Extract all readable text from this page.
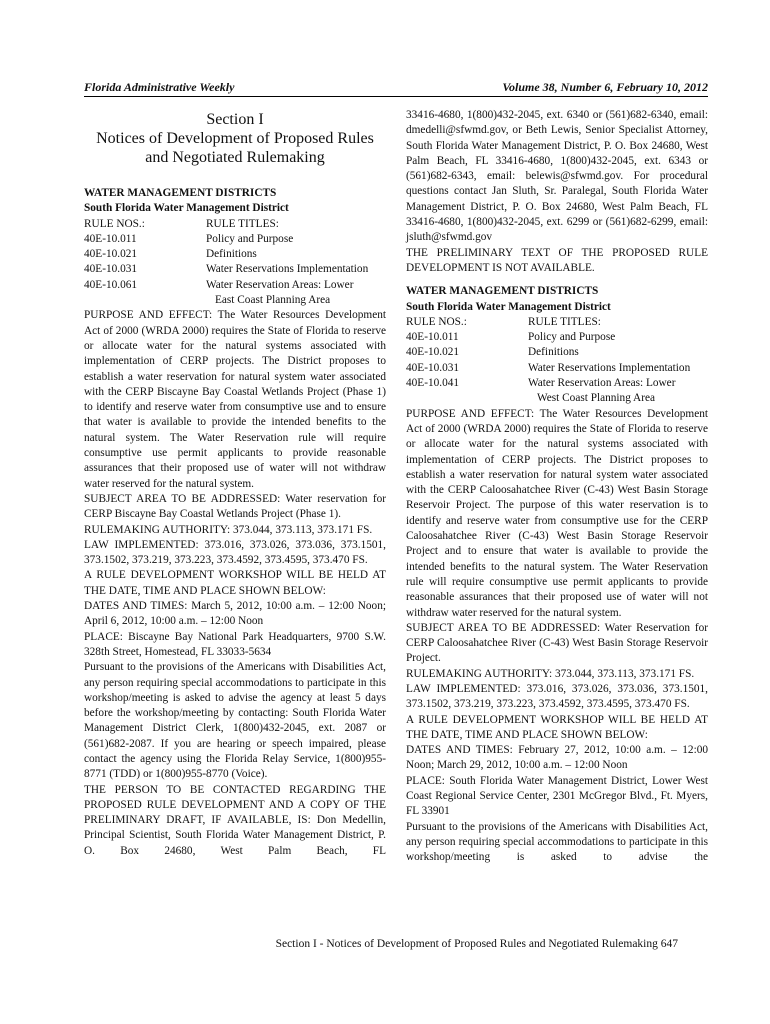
Florida Administrative Weekly	Volume 38, Number 6, February 10, 2012
Section I
Notices of Development of Proposed Rules
and Negotiated Rulemaking
WATER MANAGEMENT DISTRICTS
South Florida Water Management District
RULE NOS.:	RULE TITLES:
40E-10.011	Policy and Purpose
40E-10.021	Definitions
40E-10.031	Water Reservations Implementation
40E-10.061	Water Reservation Areas: Lower
East Coast Planning Area
PURPOSE AND EFFECT: The Water Resources Development Act of 2000 (WRDA 2000) requires the State of Florida to reserve or allocate water for the natural systems associated with implementation of CERP projects. The District proposes to establish a water reservation for natural system water associated with the CERP Biscayne Bay Coastal Wetlands Project (Phase 1) to identify and reserve water from consumptive use and to ensure that water is available to provide the intended benefits to the natural system. The Water Reservation rule will require consumptive use permit applicants to provide reasonable assurances that their proposed use of water will not withdraw water reserved for the natural system.
SUBJECT AREA TO BE ADDRESSED: Water reservation for CERP Biscayne Bay Coastal Wetlands Project (Phase 1).
RULEMAKING AUTHORITY: 373.044, 373.113, 373.171 FS.
LAW IMPLEMENTED: 373.016, 373.026, 373.036, 373.1501, 373.1502, 373.219, 373.223, 373.4592, 373.4595, 373.470 FS.
A RULE DEVELOPMENT WORKSHOP WILL BE HELD AT THE DATE, TIME AND PLACE SHOWN BELOW:
DATES AND TIMES: March 5, 2012, 10:00 a.m. – 12:00 Noon; April 6, 2012, 10:00 a.m. – 12:00 Noon
PLACE: Biscayne Bay National Park Headquarters, 9700 S.W. 328th Street, Homestead, FL 33033-5634
Pursuant to the provisions of the Americans with Disabilities Act, any person requiring special accommodations to participate in this workshop/meeting is asked to advise the agency at least 5 days before the workshop/meeting by contacting: South Florida Water Management District Clerk, 1(800)432-2045, ext. 2087 or (561)682-2087. If you are hearing or speech impaired, please contact the agency using the Florida Relay Service, 1(800)955-8771 (TDD) or 1(800)955-8770 (Voice).
THE PERSON TO BE CONTACTED REGARDING THE PROPOSED RULE DEVELOPMENT AND A COPY OF THE PRELIMINARY DRAFT, IF AVAILABLE, IS: Don Medellin, Principal Scientist, South Florida Water Management District, P. O. Box 24680, West Palm Beach, FL
33416-4680, 1(800)432-2045, ext. 6340 or (561)682-6340, email: dmedelli@sfwmd.gov, or Beth Lewis, Senior Specialist Attorney, South Florida Water Management District, P. O. Box 24680, West Palm Beach, FL 33416-4680, 1(800)432-2045, ext. 6343 or (561)682-6343, email: belewis@sfwmd.gov. For procedural questions contact Jan Sluth, Sr. Paralegal, South Florida Water Management District, P. O. Box 24680, West Palm Beach, FL 33416-4680, 1(800)432-2045, ext. 6299 or (561)682-6299, email: jsluth@sfwmd.gov
THE PRELIMINARY TEXT OF THE PROPOSED RULE DEVELOPMENT IS NOT AVAILABLE.
WATER MANAGEMENT DISTRICTS
South Florida Water Management District
RULE NOS.:	RULE TITLES:
40E-10.011	Policy and Purpose
40E-10.021	Definitions
40E-10.031	Water Reservations Implementation
40E-10.041	Water Reservation Areas: Lower
West Coast Planning Area
PURPOSE AND EFFECT: The Water Resources Development Act of 2000 (WRDA 2000) requires the State of Florida to reserve or allocate water for the natural systems associated with implementation of CERP projects. The District proposes to establish a water reservation for natural system water associated with the CERP Caloosahatchee River (C-43) West Basin Storage Reservoir Project. The purpose of this water reservation is to identify and reserve water from consumptive use for the CERP Caloosahatchee River (C-43) West Basin Storage Reservoir Project and to ensure that water is available to provide the intended benefits to the natural system. The Water Reservation rule will require consumptive use permit applicants to provide reasonable assurances that their proposed use of water will not withdraw water reserved for the natural system.
SUBJECT AREA TO BE ADDRESSED: Water Reservation for CERP Caloosahatchee River (C-43) West Basin Storage Reservoir Project.
RULEMAKING AUTHORITY: 373.044, 373.113, 373.171 FS.
LAW IMPLEMENTED: 373.016, 373.026, 373.036, 373.1501, 373.1502, 373.219, 373.223, 373.4592, 373.4595, 373.470 FS.
A RULE DEVELOPMENT WORKSHOP WILL BE HELD AT THE DATE, TIME AND PLACE SHOWN BELOW:
DATES AND TIMES: February 27, 2012, 10:00 a.m. – 12:00 Noon; March 29, 2012, 10:00 a.m. – 12:00 Noon
PLACE: South Florida Water Management District, Lower West Coast Regional Service Center, 2301 McGregor Blvd., Ft. Myers, FL 33901
Pursuant to the provisions of the Americans with Disabilities Act, any person requiring special accommodations to participate in this workshop/meeting is asked to advise the
Section I - Notices of Development of Proposed Rules and Negotiated Rulemaking 647
